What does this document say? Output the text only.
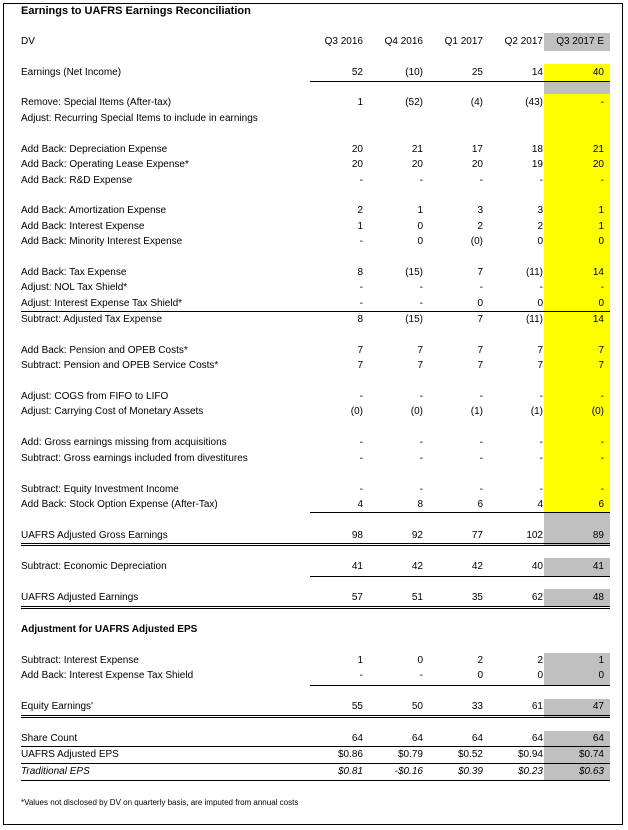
Earnings to UAFRS Earnings Reconciliation
DV	Q3 2016	Q4 2016	Q1 2017	Q2 2017	Q3 2017 E
Earnings (Net Income)	52	(10)	25	14	40
Remove: Special Items (After-tax)	1	(52)	(4)	(43)	-
Adjust: Recurring Special Items to include in earnings
Add Back: Depreciation Expense	20	21	17	18	21
Add Back: Operating Lease Expense*	20	20	20	19	20
Add Back: R&D Expense	-	-	-	-	-
Add Back: Amortization Expense	2	1	3	3	1
Add Back: Interest Expense	1	0	2	2	1
Add Back: Minority Interest Expense	-	0	(0)	0	0
Add Back: Tax Expense	8	(15)	7	(11)	14
Adjust: NOL Tax Shield*	-	-	-	-	-
Adjust: Interest Expense Tax Shield*	-	-	0	0	0
Subtract: Adjusted Tax Expense	8	(15)	7	(11)	14
Add Back: Pension and OPEB Costs*	7	7	7	7	7
Subtract: Pension and OPEB Service Costs*	7	7	7	7	7
Adjust: COGS from FIFO to LIFO	-	-	-	-	-
Adjust: Carrying Cost of Monetary Assets	(0)	(0)	(1)	(1)	(0)
Add: Gross earnings missing from acquisitions	-	-	-	-	-
Subtract: Gross earnings included from divestitures	-	-	-	-	-
Subtract: Equity Investment Income	-	-	-	-	-
Add Back: Stock Option Expense (After-Tax)	4	8	6	4	6
UAFRS Adjusted Gross Earnings	98	92	77	102	89
Subtract: Economic Depreciation	41	42	42	40	41
UAFRS Adjusted Earnings	57	51	35	62	48
Adjustment for UAFRS Adjusted EPS
Subtract: Interest Expense	1	0	2	2	1
Add Back: Interest Expense Tax Shield	-	-	0	0	0
Equity Earnings'	55	50	33	61	47
Share Count	64	64	64	64	64
UAFRS Adjusted EPS	$0.86	$0.79	$0.52	$0.94	$0.74
Traditional EPS	$0.81	-$0.16	$0.39	$0.23	$0.63
*Values not disclosed by DV on quarterly basis, are imputed from annual costs
